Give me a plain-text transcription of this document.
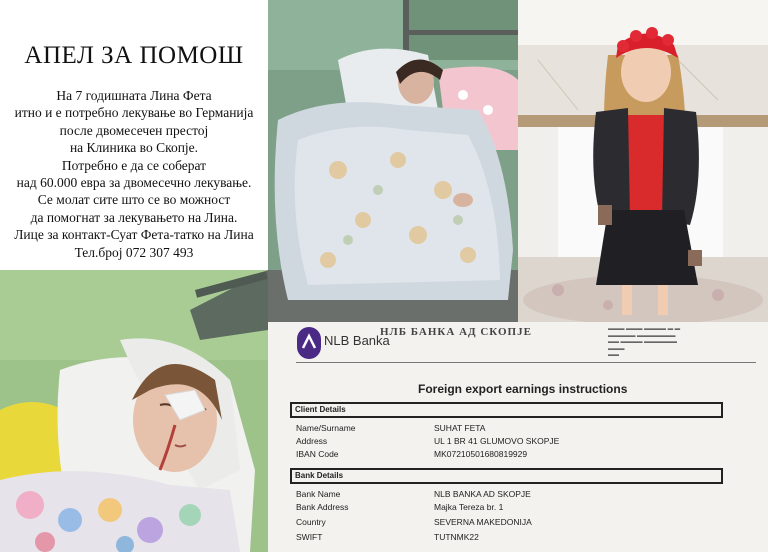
АПЕЛ ЗА ПОМОШ
На 7 годишната Лина Фета
итно и е потребно лекување во Германија
после двомесечен престој
на Клиника во Скопје.
Потребно е да се соберат
над 60.000 евра за двомесечно лекување.
Се молат сите што се во можност
да помогнат за лекувањето на Лина.
Лице за контакт-Суат Фета-татко на Лина
Тел.број 072 307 493
NLB Banka
НЛБ БАНКА АД СКОПЈЕ	▬▬▬ ▬▬▬ ▬▬▬▬ ▬ ▬
▬▬▬▬▬ ▬▬▬▬▬▬▬
▬▬ ▬▬▬▬ ▬▬▬▬▬▬
▬▬▬
▬▬
Foreign export earnings instructions
Client Details
Name/Surname	SUHAT FETA
Address	UL 1 BR 41 GLUMOVO SKOPJE
IBAN Code	MK07210501680819929
Bank Details
Bank Name	NLB BANKA AD SKOPJE
Bank Address	Majka Tereza br. 1
Country	SEVERNA MAKEDONIJA
SWIFT	TUTNMK22
